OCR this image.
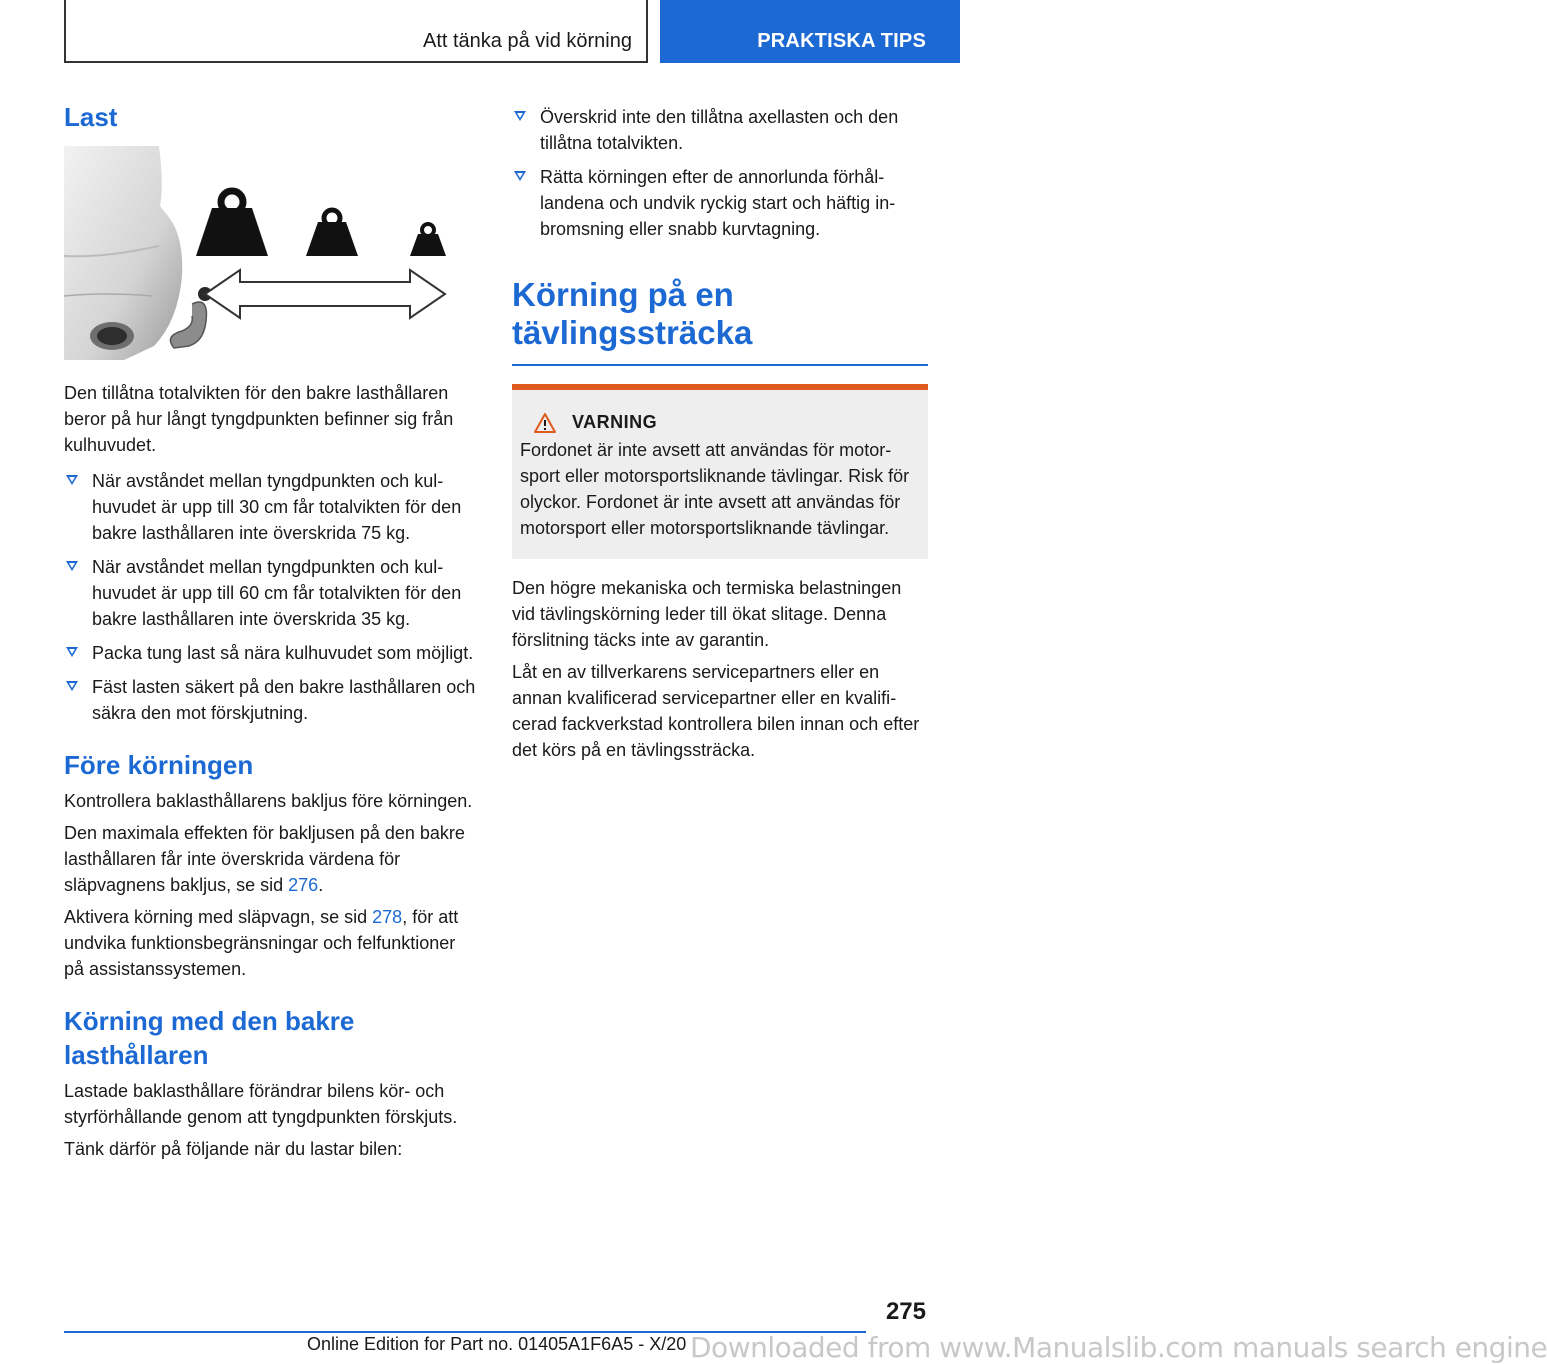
Att tänka på vid körning	PRAKTISKA TIPS
Last

Den tillåtna totalvikten för den bakre lasthållaren beror på hur långt tyngdpunkten befinner sig från kulhuvudet.

När avståndet mellan tyngdpunkten och kulhuvudet är upp till 30 cm får totalvikten för den bakre lasthållaren inte överskrida 75 kg.
När avståndet mellan tyngdpunkten och kulhuvudet är upp till 60 cm får totalvikten för den bakre lasthållaren inte överskrida 35 kg.
Packa tung last så nära kulhuvudet som möjligt.
Fäst lasten säkert på den bakre lasthållaren och säkra den mot förskjutning.
Före körningen

Kontrollera baklasthållarens bakljus före körningen.

Den maximala effekten för bakljusen på den bakre lasthållaren får inte överskrida värdena för släpvagnens bakljus, se sid 276.

Aktivera körning med släpvagn, se sid 278, för att undvika funktionsbegränsningar och felfunktioner på assistanssystemen.

Körning med den bakre lasthållaren

Lastade baklasthållare förändrar bilens kör- och styrförhållande genom att tyngdpunkten förskjuts.

Tänk därför på följande när du lastar bilen:

Överskrid inte den tillåtna axellasten och den tillåtna totalvikten.
Rätta körningen efter de annorlunda förhållandena och undvik ryckig start och häftig inbromsning eller snabb kurvtagning.
Körning på en tävlingssträcka
VARNING

Fordonet är inte avsett att användas för motorsport eller motorsportsliknande tävlingar. Risk för olyckor. Fordonet är inte avsett att användas för motorsport eller motorsportsliknande tävlingar.

Den högre mekaniska och termiska belastningen vid tävlingskörning leder till ökat slitage. Denna förslitning täcks inte av garantin.

Låt en av tillverkarens servicepartners eller en annan kvalificerad servicepartner eller en kvalificerad fackverkstad kontrollera bilen innan och efter det körs på en tävlingssträcka.

275
Online Edition for Part no. 01405A1F6A5 - X/20 Downloaded from www.Manualslib.com manuals search engine
